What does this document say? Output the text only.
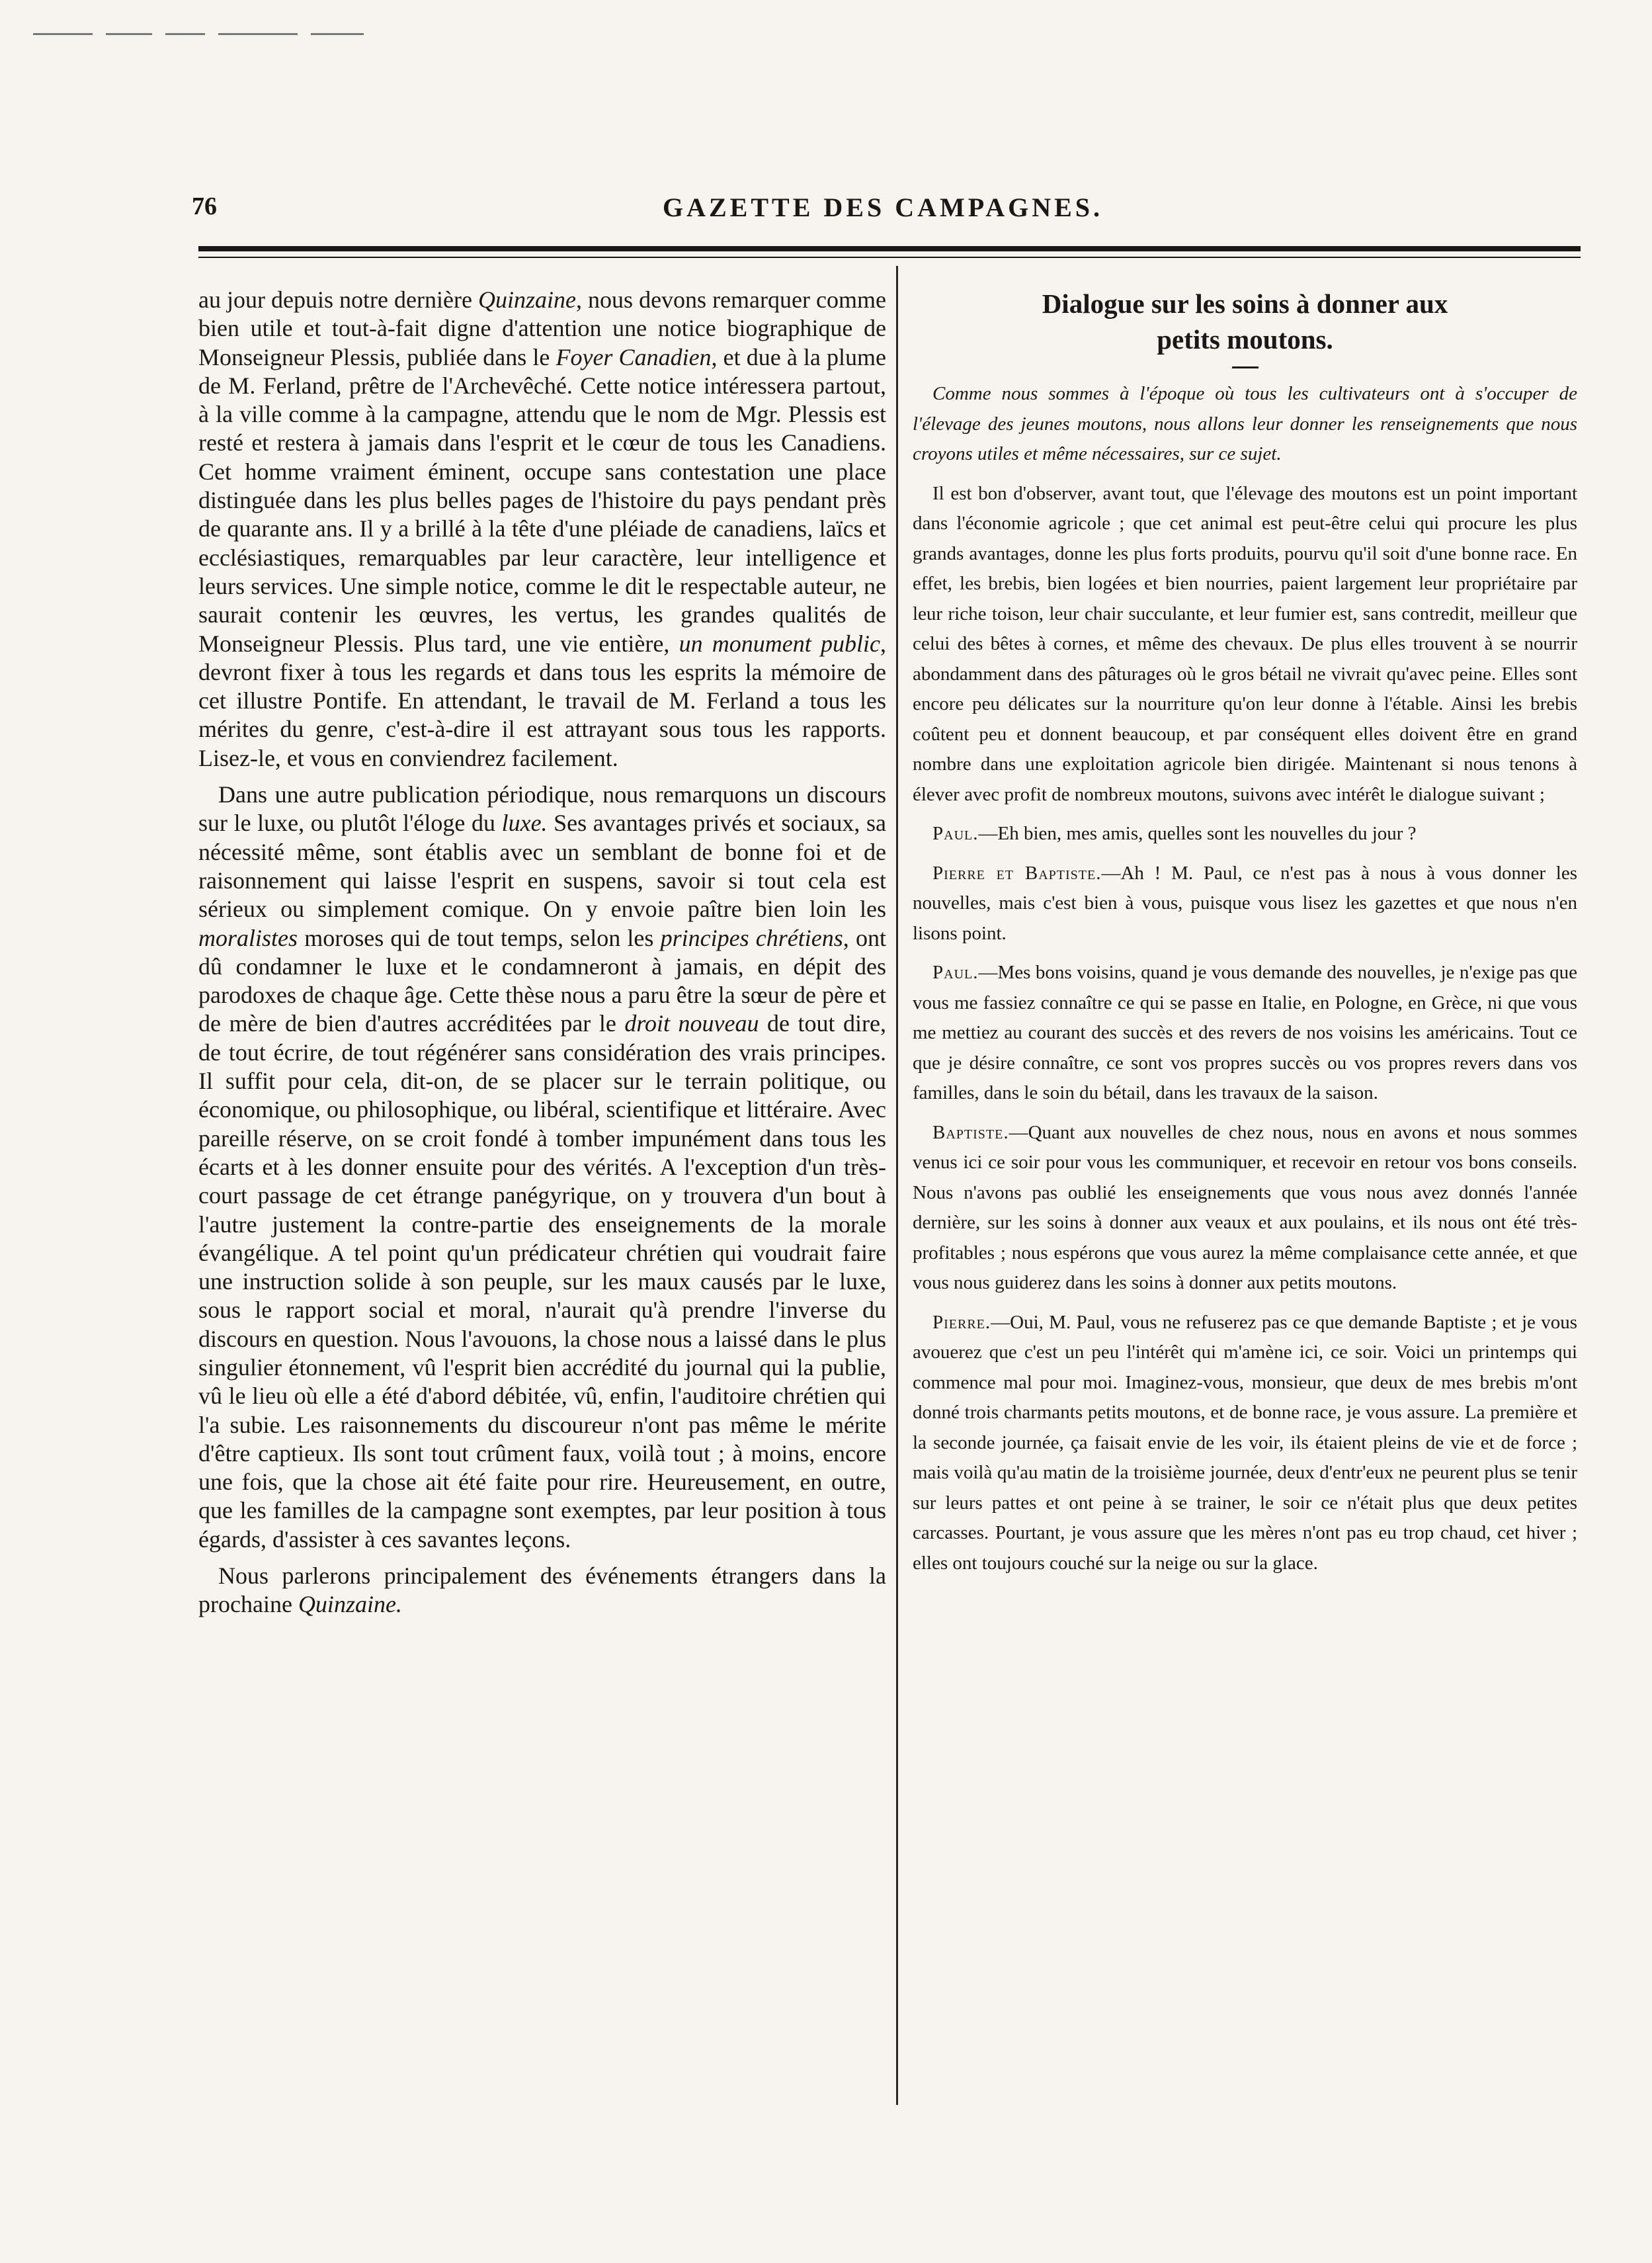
76	GAZETTE DES CAMPAGNES.

au jour depuis notre dernière Quinzaine, nous devons remarquer comme bien utile et tout-à-fait digne d'attention une notice biographique de Monseigneur Plessis, publiée dans le Foyer Canadien, et due à la plume de M. Ferland, prêtre de l'Archevêché. Cette notice intéressera partout, à la ville comme à la campagne, attendu que le nom de Mgr. Plessis est resté et restera à jamais dans l'esprit et le cœur de tous les Canadiens. Cet homme vraiment éminent, occupe sans contestation une place distinguée dans les plus belles pages de l'histoire du pays pendant près de quarante ans. Il y a brillé à la tête d'une pléiade de canadiens, laïcs et ecclésiastiques, remarquables par leur caractère, leur intelligence et leurs services. Une simple notice, comme le dit le respectable auteur, ne saurait contenir les œuvres, les vertus, les grandes qualités de Monseigneur Plessis. Plus tard, une vie entière, un monument public, devront fixer à tous les regards et dans tous les esprits la mémoire de cet illustre Pontife. En attendant, le travail de M. Ferland a tous les mérites du genre, c'est-à-dire il est attrayant sous tous les rapports. Lisez-le, et vous en conviendrez facilement.

Dans une autre publication périodique, nous remarquons un discours sur le luxe, ou plutôt l'éloge du luxe. Ses avantages privés et sociaux, sa nécessité même, sont établis avec un semblant de bonne foi et de raisonnement qui laisse l'esprit en suspens, savoir si tout cela est sérieux ou simplement comique. On y envoie paître bien loin les moralistes moroses qui de tout temps, selon les principes chrétiens, ont dû condamner le luxe et le condamneront à jamais, en dépit des parodoxes de chaque âge. Cette thèse nous a paru être la sœur de père et de mère de bien d'autres accréditées par le droit nouveau de tout dire, de tout écrire, de tout régénérer sans considération des vrais principes. Il suffit pour cela, dit-on, de se placer sur le terrain politique, ou économique, ou philosophique, ou libéral, scientifique et littéraire. Avec pareille réserve, on se croit fondé à tomber impunément dans tous les écarts et à les donner ensuite pour des vérités. A l'exception d'un très-court passage de cet étrange panégyrique, on y trouvera d'un bout à l'autre justement la contre-partie des enseignements de la morale évangélique. A tel point qu'un prédicateur chrétien qui voudrait faire une instruction solide à son peuple, sur les maux causés par le luxe, sous le rapport social et moral, n'aurait qu'à prendre l'inverse du discours en question. Nous l'avouons, la chose nous a laissé dans le plus singulier étonnement, vû l'esprit bien accrédité du journal qui la publie, vû le lieu où elle a été d'abord débitée, vû, enfin, l'auditoire chrétien qui l'a subie. Les raisonnements du discoureur n'ont pas même le mérite d'être captieux. Ils sont tout crûment faux, voilà tout ; à moins, encore une fois, que la chose ait été faite pour rire. Heureusement, en outre, que les familles de la campagne sont exemptes, par leur position à tous égards, d'assister à ces savantes leçons.

Nous parlerons principalement des événements étrangers dans la prochaine Quinzaine.

Dialogue sur les soins à donner aux
petits moutons.

Comme nous sommes à l'époque où tous les cultivateurs ont à s'occuper de l'élevage des jeunes moutons, nous allons leur donner les renseignements que nous croyons utiles et même nécessaires, sur ce sujet.

Il est bon d'observer, avant tout, que l'élevage des moutons est un point important dans l'économie agricole ; que cet animal est peut-être celui qui procure les plus grands avantages, donne les plus forts produits, pourvu qu'il soit d'une bonne race. En effet, les brebis, bien logées et bien nourries, paient largement leur propriétaire par leur riche toison, leur chair succulante, et leur fumier est, sans contredit, meilleur que celui des bêtes à cornes, et même des chevaux. De plus elles trouvent à se nourrir abondamment dans des pâturages où le gros bétail ne vivrait qu'avec peine. Elles sont encore peu délicates sur la nourriture qu'on leur donne à l'étable. Ainsi les brebis coûtent peu et donnent beaucoup, et par conséquent elles doivent être en grand nombre dans une exploitation agricole bien dirigée. Maintenant si nous tenons à élever avec profit de nombreux moutons, suivons avec intérêt le dialogue suivant ;

Paul.—Eh bien, mes amis, quelles sont les nouvelles du jour ?

Pierre et Baptiste.—Ah ! M. Paul, ce n'est pas à nous à vous donner les nouvelles, mais c'est bien à vous, puisque vous lisez les gazettes et que nous n'en lisons point.

Paul.—Mes bons voisins, quand je vous demande des nouvelles, je n'exige pas que vous me fassiez connaître ce qui se passe en Italie, en Pologne, en Grèce, ni que vous me mettiez au courant des succès et des revers de nos voisins les américains. Tout ce que je désire connaître, ce sont vos propres succès ou vos propres revers dans vos familles, dans le soin du bétail, dans les travaux de la saison.

Baptiste.—Quant aux nouvelles de chez nous, nous en avons et nous sommes venus ici ce soir pour vous les communiquer, et recevoir en retour vos bons conseils. Nous n'avons pas oublié les enseignements que vous nous avez donnés l'année dernière, sur les soins à donner aux veaux et aux poulains, et ils nous ont été très-profitables ; nous espérons que vous aurez la même complaisance cette année, et que vous nous guiderez dans les soins à donner aux petits moutons.

Pierre.—Oui, M. Paul, vous ne refuserez pas ce que demande Baptiste ; et je vous avouerez que c'est un peu l'intérêt qui m'amène ici, ce soir. Voici un printemps qui commence mal pour moi. Imaginez-vous, monsieur, que deux de mes brebis m'ont donné trois charmants petits moutons, et de bonne race, je vous assure. La première et la seconde journée, ça faisait envie de les voir, ils étaient pleins de vie et de force ; mais voilà qu'au matin de la troisième journée, deux d'entr'eux ne peurent plus se tenir sur leurs pattes et ont peine à se trainer, le soir ce n'était plus que deux petites carcasses. Pourtant, je vous assure que les mères n'ont pas eu trop chaud, cet hiver ; elles ont toujours couché sur la neige ou sur la glace.
